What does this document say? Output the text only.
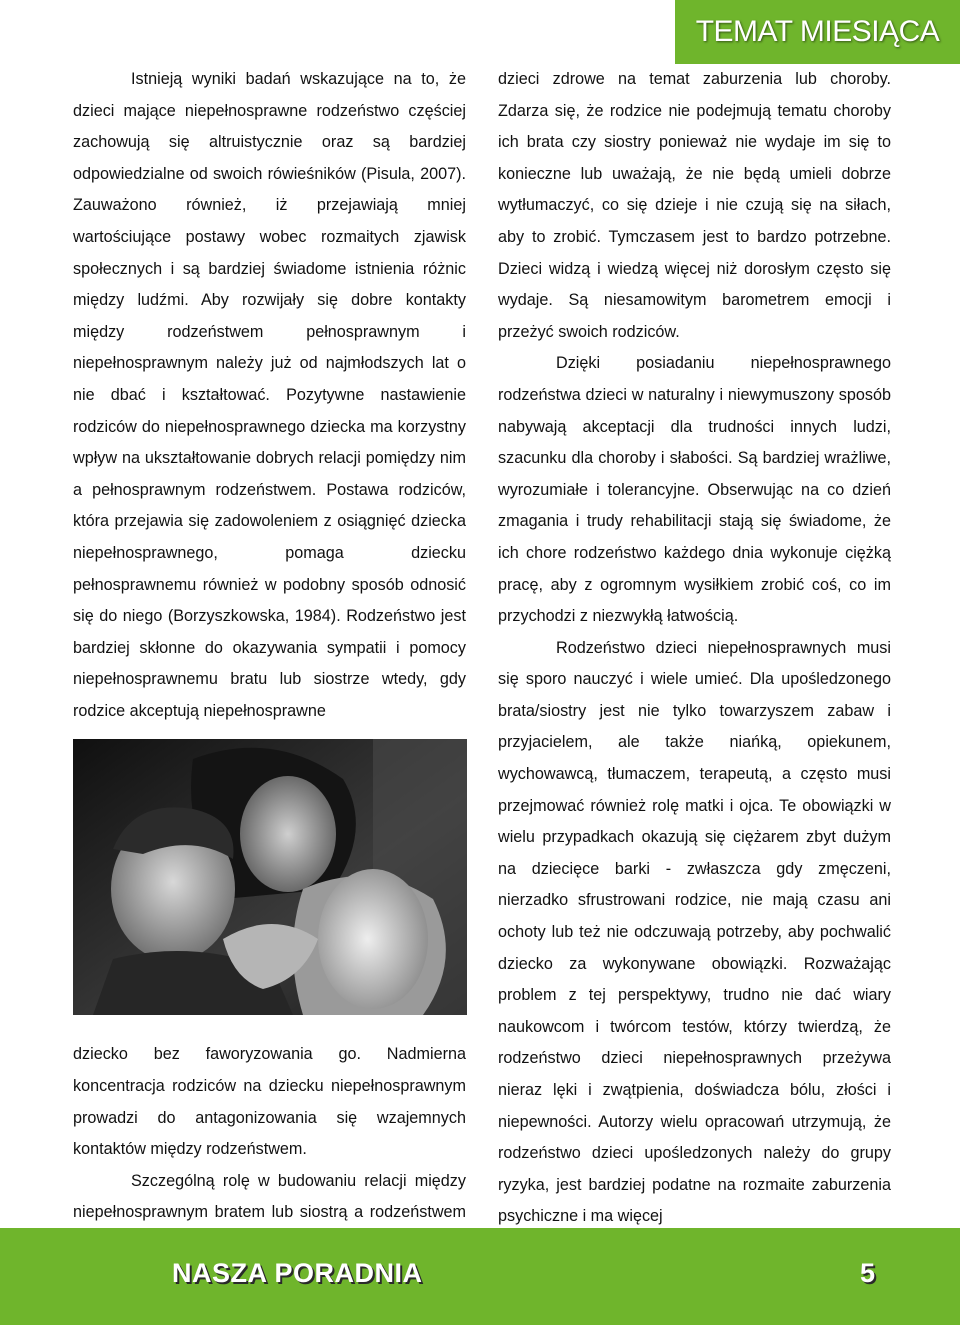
TEMAT MIESIĄCA

Istnieją wyniki badań wskazujące na to, że dzieci mające niepełnosprawne rodzeństwo częściej zachowują się altruistycznie oraz są bardziej odpowiedzialne od swoich rówieśników (Pisula, 2007). Zauważono również, iż przejawiają mniej wartościujące postawy wobec rozmaitych zjawisk społecznych i są bardziej świadome istnienia różnic między ludźmi. Aby rozwijały się dobre kontakty między rodzeństwem pełnosprawnym i niepełnosprawnym należy już od najmłodszych lat o nie dbać i kształtować. Pozytywne nastawienie rodziców do niepełnosprawnego dziecka ma korzystny wpływ na ukształtowanie dobrych relacji pomiędzy nim a pełnosprawnym rodzeństwem. Postawa rodziców, która przejawia się zadowoleniem z osiągnięć dziecka niepełnosprawnego, pomaga dziecku pełnosprawnemu również w podobny sposób odnosić się do niego (Borzyszkowska, 1984). Rodzeństwo jest bardziej skłonne do okazywania sympatii i pomocy niepełnosprawnemu bratu lub siostrze wtedy, gdy rodzice akceptują niepełnosprawne

dziecko bez faworyzowania go. Nadmierna koncentracja rodziców na dziecku niepełnosprawnym prowadzi do antagonizowania się wzajemnych kontaktów między rodzeństwem.

Szczególną rolę w budowaniu relacji między niepełnosprawnym bratem lub siostrą a rodzeństwem

dzieci zdrowe na temat zaburzenia lub choroby. Zdarza się, że rodzice nie podejmują tematu choroby ich brata czy siostry ponieważ nie wydaje im się to konieczne lub uważają, że nie będą umieli dobrze wytłumaczyć, co się dzieje i nie czują się na siłach, aby to zrobić. Tymczasem jest to bardzo potrzebne. Dzieci widzą i wiedzą więcej niż dorosłym często się wydaje. Są niesamowitym barometrem emocji i przeżyć swoich rodziców.

Dzięki posiadaniu niepełnosprawnego rodzeństwa dzieci w naturalny i niewymuszony sposób nabywają akceptacji dla trudności innych ludzi, szacunku dla choroby i słabości. Są bardziej wrażliwe, wyrozumiałe i tolerancyjne. Obserwując na co dzień zmagania i trudy rehabilitacji stają się świadome, że ich chore rodzeństwo każdego dnia wykonuje ciężką pracę, aby z ogromnym wysiłkiem zrobić coś, co im przychodzi z niezwykłą łatwością.

Rodzeństwo dzieci niepełnosprawnych musi się sporo nauczyć i wiele umieć. Dla upośledzonego brata/siostry jest nie tylko towarzyszem zabaw i przyjacielem, ale także niańką, opiekunem, wychowawcą, tłumaczem, terapeutą, a często musi przejmować również rolę matki i ojca. Te obowiązki w wielu przypadkach okazują się ciężarem zbyt dużym na dziecięce barki - zwłaszcza gdy zmęczeni, nierzadko sfrustrowani rodzice, nie mają czasu ani ochoty lub też nie odczuwają potrzeby, aby pochwalić dziecko za wykonywane obowiązki. Rozważając problem z tej perspektywy, trudno nie dać wiary naukowcom i twórcom testów, którzy twierdzą, że rodzeństwo dzieci niepełnosprawnych przeżywa nieraz lęki i zwątpienia, doświadcza bólu, złości i niepewności. Autorzy wielu opracowań utrzymują, że rodzeństwo dzieci upośledzonych należy do grupy ryzyka, jest bardziej podatne na rozmaite zaburzenia psychiczne i ma więcej

NASZA PORADNIA	5
